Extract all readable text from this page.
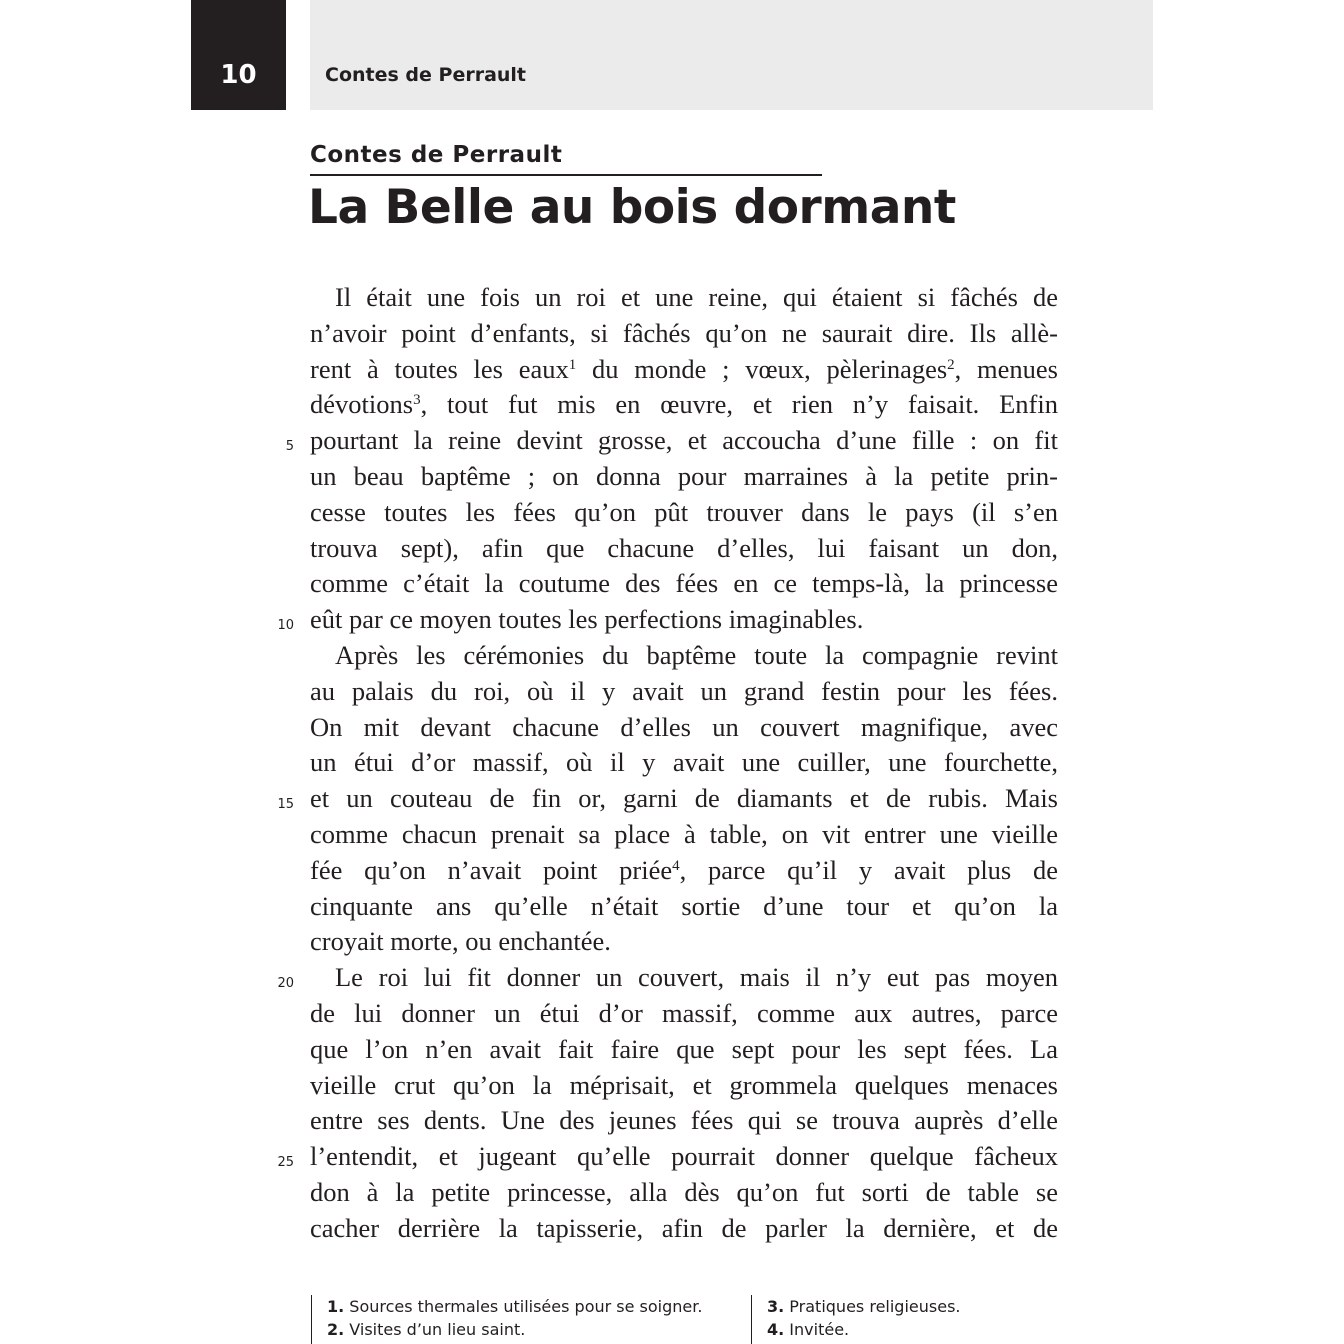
10	Contes de Perrault
Contes de Perrault
La Belle au bois dormant
Il était une fois un roi et une reine, qui étaient si fâchés de
n’avoir point d’enfants, si fâchés qu’on ne saurait dire. Ils allè-
rent à toutes les eaux$^1$ du monde ; vœux, pèlerinages$^2$, menues
dévotions$^3$, tout fut mis en œuvre, et rien n’y faisait. Enfin
pourtant la reine devint grosse, et accoucha d’une fille : on fit
un beau baptême ; on donna pour marraines à la petite prin-
cesse toutes les fées qu’on pût trouver dans le pays (il s’en
trouva sept), afin que chacune d’elles, lui faisant un don,
comme c’était la coutume des fées en ce temps-là, la princesse
eût par ce moyen toutes les perfections imaginables.
Après les cérémonies du baptême toute la compagnie revint
au palais du roi, où il y avait un grand festin pour les fées.
On mit devant chacune d’elles un couvert magnifique, avec
un étui d’or massif, où il y avait une cuiller, une fourchette,
et un couteau de fin or, garni de diamants et de rubis. Mais
comme chacun prenait sa place à table, on vit entrer une vieille
fée qu’on n’avait point priée$^4$, parce qu’il y avait plus de
cinquante ans qu’elle n’était sortie d’une tour et qu’on la
croyait morte, ou enchantée.
Le roi lui fit donner un couvert, mais il n’y eut pas moyen
de lui donner un étui d’or massif, comme aux autres, parce
que l’on n’en avait fait faire que sept pour les sept fées. La
vieille crut qu’on la méprisait, et grommela quelques menaces
entre ses dents. Une des jeunes fées qui se trouva auprès d’elle
l’entendit, et jugeant qu’elle pourrait donner quelque fâcheux
don à la petite princesse, alla dès qu’on fut sorti de table se
cacher derrière la tapisserie, afin de parler la dernière, et de
5
10
15
20
25
1. Sources thermales utilisées pour se soigner.
2. Visites d’un lieu saint.
3. Pratiques religieuses.
4. Invitée.
